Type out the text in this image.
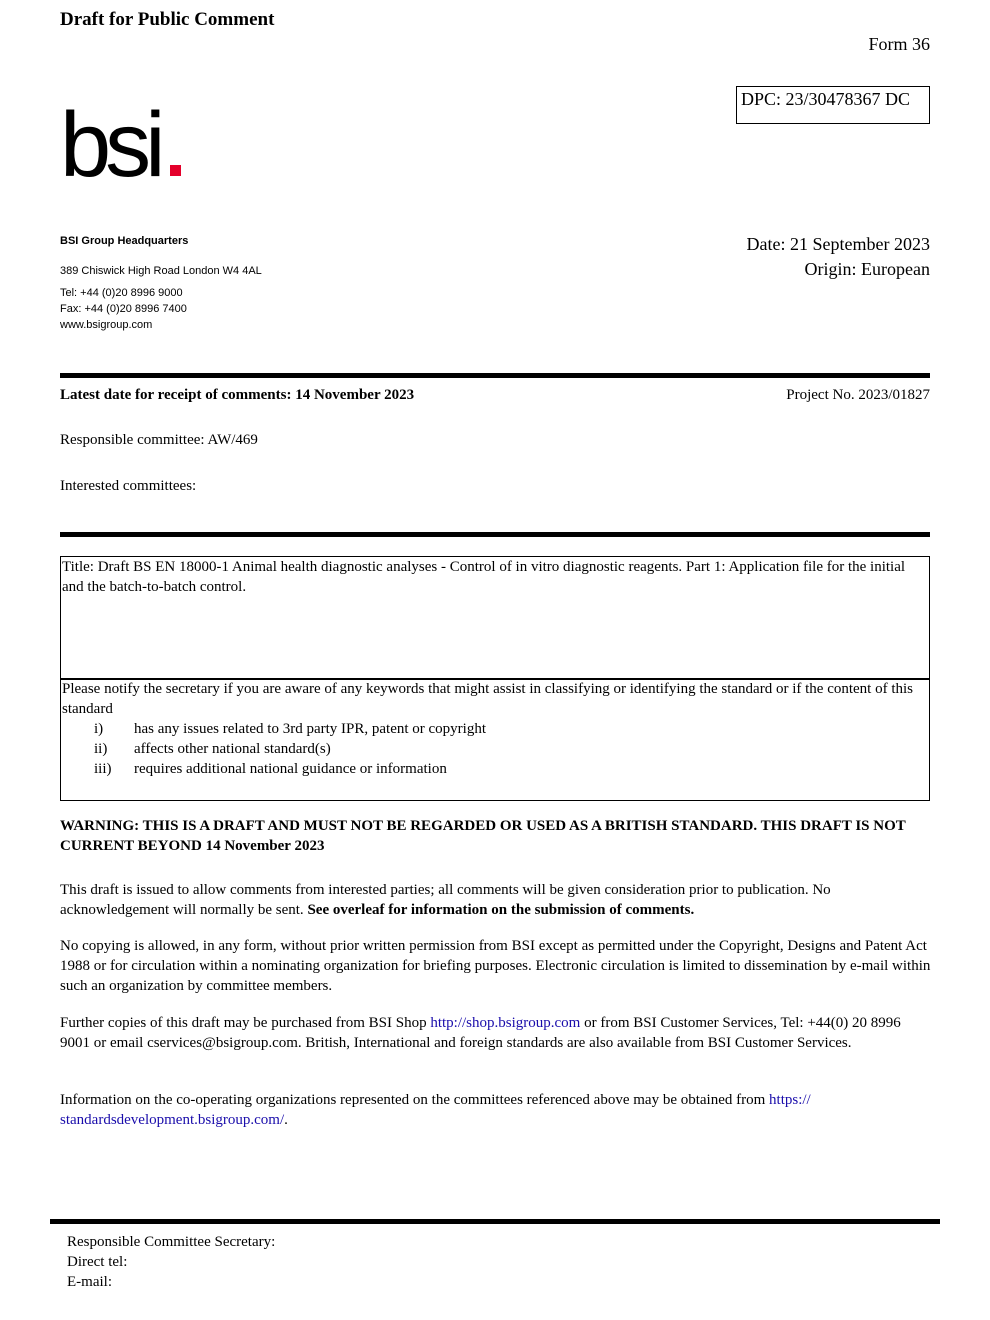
Draft for Public Comment
Form 36
DPC: 23/30478367 DC
bsi
BSI Group Headquarters
389 Chiswick High Road London W4 4AL
Tel: +44 (0)20 8996 9000
Fax: +44 (0)20 8996 7400
www.bsigroup.com
Date: 21 September 2023
Origin: European
Latest date for receipt of comments: 14 November 2023	Project No. 2023/01827
Responsible committee: AW/469
Interested committees:
Title: Draft BS EN 18000-1 Animal health diagnostic analyses - Control of in vitro diagnostic reagents. Part 1: Application file for the initial and the batch-to-batch control.
Please notify the secretary if you are aware of any keywords that might assist in classifying or identifying the standard or if the content of this standard
i)	has any issues related to 3rd party IPR, patent or copyright
ii)	affects other national standard(s)
iii)	requires additional national guidance or information
WARNING: THIS IS A DRAFT AND MUST NOT BE REGARDED OR USED AS A BRITISH STANDARD. THIS DRAFT IS NOT CURRENT BEYOND 14 November 2023
This draft is issued to allow comments from interested parties; all comments will be given consideration prior to publication. No acknowledgement will normally be sent. See overleaf for information on the submission of comments.
No copying is allowed, in any form, without prior written permission from BSI except as permitted under the Copyright, Designs and Patent Act 1988 or for circulation within a nominating organization for briefing purposes. Electronic circulation is limited to dissemination by e-mail within such an organization by committee members.
Further copies of this draft may be purchased from BSI Shop http://shop.bsigroup.com or from BSI Customer Services, Tel: +44(0) 20 8996 9001 or email cservices@bsigroup.com. British, International and foreign standards are also available from BSI Customer Services.
Information on the co-operating organizations represented on the committees referenced above may be obtained from https:// standardsdevelopment.bsigroup.com/.
Responsible Committee Secretary:
Direct tel:
E-mail:
